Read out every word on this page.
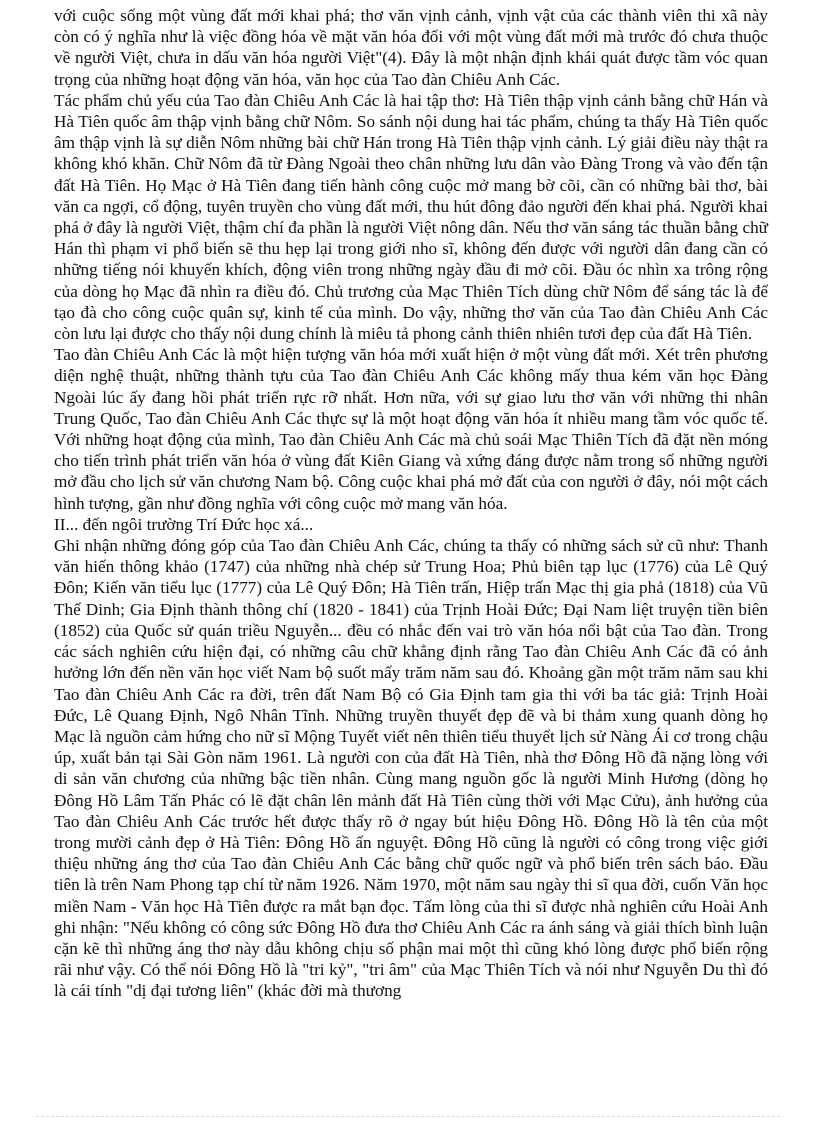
với cuộc sống một vùng đất mới khai phá; thơ văn vịnh cảnh, vịnh vật của các thành viên thi xã này còn có ý nghĩa như là việc đồng hóa về mặt văn hóa đối với một vùng đất mới mà trước đó chưa thuộc về người Việt, chưa in dấu văn hóa người Việt"(4). Đây là một nhận định khái quát được tầm vóc quan trọng của những hoạt động văn hóa, văn học của Tao đàn Chiêu Anh Các.

Tác phẩm chủ yếu của Tao đàn Chiêu Anh Các là hai tập thơ: Hà Tiên thập vịnh cảnh bằng chữ Hán và Hà Tiên quốc âm thập vịnh bằng chữ Nôm. So sánh nội dung hai tác phẩm, chúng ta thấy Hà Tiên quốc âm thập vịnh là sự diễn Nôm những bài chữ Hán trong Hà Tiên thập vịnh cảnh. Lý giải điều này thật ra không khó khăn. Chữ Nôm đã từ Đàng Ngoài theo chân những lưu dân vào Đàng Trong và vào đến tận đất Hà Tiên. Họ Mạc ở Hà Tiên đang tiến hành công cuộc mở mang bờ cõi, cần có những bài thơ, bài văn ca ngợi, cổ động, tuyên truyền cho vùng đất mới, thu hút đông đảo người đến khai phá. Người khai phá ở đây là người Việt, thậm chí đa phần là người Việt nông dân. Nếu thơ văn sáng tác thuần bằng chữ Hán thì phạm vi phổ biến sẽ thu hẹp lại trong giới nho sĩ, không đến được với người dân đang cần có những tiếng nói khuyến khích, động viên trong những ngày đầu đi mở cõi. Đầu óc nhìn xa trông rộng của dòng họ Mạc đã nhìn ra điều đó. Chủ trương của Mạc Thiên Tích dùng chữ Nôm để sáng tác là để tạo đà cho công cuộc quân sự, kinh tế của mình. Do vậy, những thơ văn của Tao đàn Chiêu Anh Các còn lưu lại được cho thấy nội dung chính là miêu tả phong cảnh thiên nhiên tươi đẹp của đất Hà Tiên.

Tao đàn Chiêu Anh Các là một hiện tượng văn hóa mới xuất hiện ở một vùng đất mới. Xét trên phương diện nghệ thuật, những thành tựu của Tao đàn Chiêu Anh Các không mấy thua kém văn học Đàng Ngoài lúc ấy đang hồi phát triển rực rỡ nhất. Hơn nữa, với sự giao lưu thơ văn với những thi nhân Trung Quốc, Tao đàn Chiêu Anh Các thực sự là một hoạt động văn hóa ít nhiều mang tầm vóc quốc tế. Với những hoạt động của mình, Tao đàn Chiêu Anh Các mà chủ soái Mạc Thiên Tích đã đặt nền móng cho tiến trình phát triển văn hóa ở vùng đất Kiên Giang và xứng đáng được nằm trong số những người mở đầu cho lịch sử văn chương Nam bộ. Công cuộc khai phá mở đất của con người ở đây, nói một cách hình tượng, gần như đồng nghĩa với công cuộc mở mang văn hóa.

II... đến ngôi trường Trí Đức học xá...

Ghi nhận những đóng góp của Tao đàn Chiêu Anh Các, chúng ta thấy có những sách sử cũ như: Thanh văn hiến thông khảo (1747) của những nhà chép sử Trung Hoa; Phủ biên tạp lục (1776) của Lê Quý Đôn; Kiến văn tiểu lục (1777) của Lê Quý Đôn; Hà Tiên trấn, Hiệp trấn Mạc thị gia phả (1818) của Vũ Thế Dinh; Gia Định thành thông chí (1820 - 1841) của Trịnh Hoài Đức; Đại Nam liệt truyện tiền biên (1852) của Quốc sử quán triều Nguyễn... đều có nhắc đến vai trò văn hóa nổi bật của Tao đàn. Trong các sách nghiên cứu hiện đại, có những câu chữ khẳng định rằng Tao đàn Chiêu Anh Các đã có ảnh hưởng lớn đến nền văn học viết Nam bộ suốt mấy trăm năm sau đó. Khoảng gần một trăm năm sau khi Tao đàn Chiêu Anh Các ra đời, trên đất Nam Bộ có Gia Định tam gia thi với ba tác giả: Trịnh Hoài Đức, Lê Quang Định, Ngô Nhân Tĩnh. Những truyền thuyết đẹp đẽ và bi thảm xung quanh dòng họ Mạc là nguồn cảm hứng cho nữ sĩ Mộng Tuyết viết nên thiên tiểu thuyết lịch sử Nàng Ái cơ trong chậu úp, xuất bản tại Sài Gòn năm 1961. Là người con của đất Hà Tiên, nhà thơ Đông Hồ đã nặng lòng với di sản văn chương của những bậc tiền nhân. Cùng mang nguồn gốc là người Minh Hương (dòng họ Đông Hồ Lâm Tấn Phác có lẽ đặt chân lên mảnh đất Hà Tiên cùng thời với Mạc Cửu), ảnh hưởng của Tao đàn Chiêu Anh Các trước hết được thấy rõ ở ngay bút hiệu Đông Hồ. Đông Hồ là tên của một trong mười cảnh đẹp ở Hà Tiên: Đông Hồ ấn nguyệt. Đông Hồ cũng là người có công trong việc giới thiệu những áng thơ của Tao đàn Chiêu Anh Các bằng chữ quốc ngữ và phổ biến trên sách báo. Đầu tiên là trên Nam Phong tạp chí từ năm 1926. Năm 1970, một năm sau ngày thi sĩ qua đời, cuốn Văn học miền Nam - Văn học Hà Tiên được ra mắt bạn đọc. Tấm lòng của thi sĩ được nhà nghiên cứu Hoài Anh ghi nhận: "Nếu không có công sức Đông Hồ đưa thơ Chiêu Anh Các ra ánh sáng và giải thích bình luận cặn kẽ thì những áng thơ này dẫu không chịu số phận mai một thì cũng khó lòng được phổ biến rộng rãi như vậy. Có thể nói Đông Hồ là "tri kỷ", "tri âm" của Mạc Thiên Tích và nói như Nguyễn Du thì đó là cái tính "dị đại tương liên" (khác đời mà thương
